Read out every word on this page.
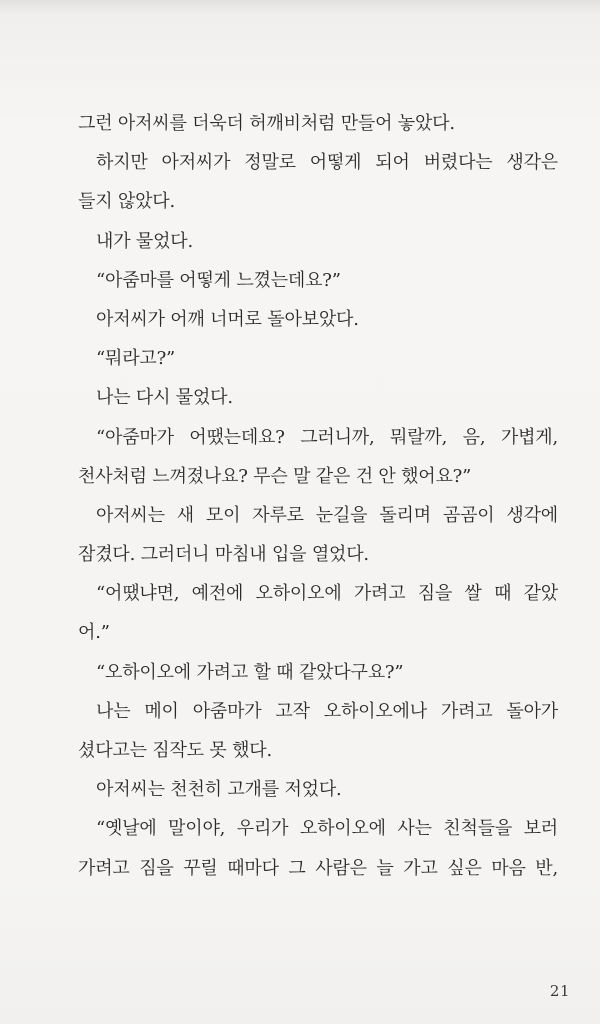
그런 아저씨를 더욱더 허깨비처럼 만들어 놓았다.
하지만 아저씨가 정말로 어떻게 되어 버렸다는 생각은
들지 않았다.
내가 물었다.
“아줌마를 어떻게 느꼈는데요?”
아저씨가 어깨 너머로 돌아보았다.
“뭐라고?”
나는 다시 물었다.
“아줌마가 어땠는데요? 그러니까, 뭐랄까, 음, 가볍게,
천사처럼 느껴졌나요? 무슨 말 같은 건 안 했어요?”
아저씨는 새 모이 자루로 눈길을 돌리며 곰곰이 생각에
잠겼다. 그러더니 마침내 입을 열었다.
“어땠냐면, 예전에 오하이오에 가려고 짐을 쌀 때 같았
어.”
“오하이오에 가려고 할 때 같았다구요?”
나는 메이 아줌마가 고작 오하이오에나 가려고 돌아가
셨다고는 짐작도 못 했다.
아저씨는 천천히 고개를 저었다.
“옛날에 말이야, 우리가 오하이오에 사는 친척들을 보러
가려고 짐을 꾸릴 때마다 그 사람은 늘 가고 싶은 마음 반,
21
